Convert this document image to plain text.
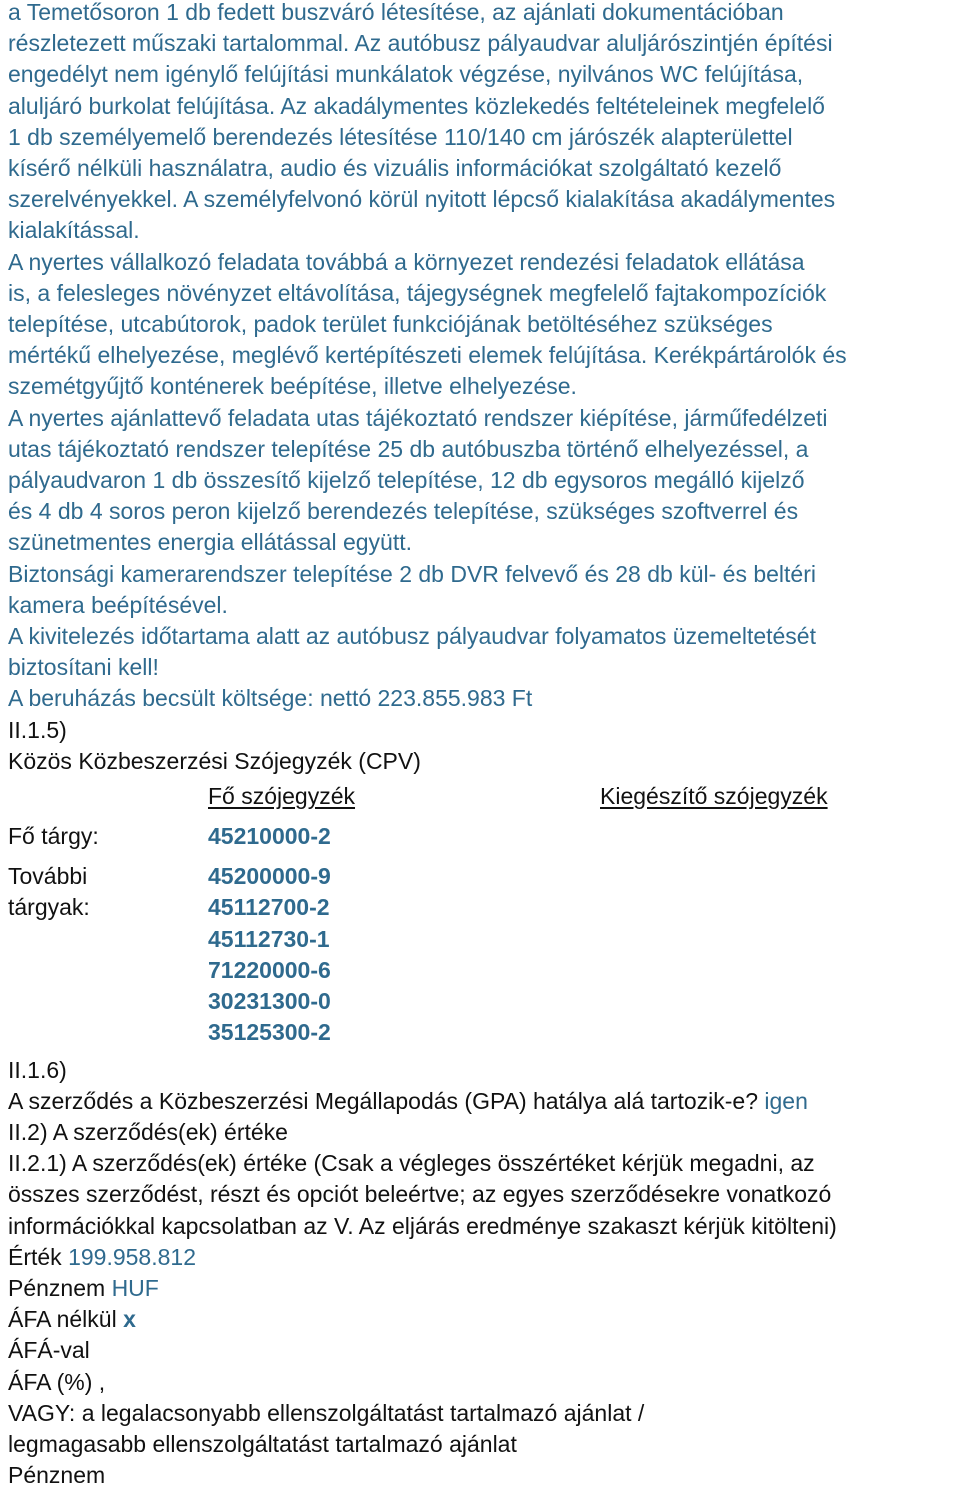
a Temetősoron 1 db fedett buszváró létesítése, az ajánlati dokumentációban
részletezett műszaki tartalommal. Az autóbusz pályaudvar aluljárószintjén építési
engedélyt nem igénylő felújítási munkálatok végzése, nyilvános WC felújítása,
aluljáró burkolat felújítása. Az akadálymentes közlekedés feltételeinek megfelelő
1 db személyemelő berendezés létesítése 110/140 cm járószék alapterülettel
kísérő nélküli használatra, audio és vizuális információkat szolgáltató kezelő
szerelvényekkel. A személyfelvonó körül nyitott lépcső kialakítása akadálymentes
kialakítással.

A nyertes vállalkozó feladata továbbá a környezet rendezési feladatok ellátása
is, a felesleges növényzet eltávolítása, tájegységnek megfelelő fajtakompozíciók
telepítése, utcabútorok, padok terület funkciójának betöltéséhez szükséges
mértékű elhelyezése, meglévő kertépítészeti elemek felújítása. Kerékpártárolók és
szemétgyűjtő konténerek beépítése, illetve elhelyezése.

A nyertes ajánlattevő feladata utas tájékoztató rendszer kiépítése, járműfedélzeti
utas tájékoztató rendszer telepítése 25 db autóbuszba történő elhelyezéssel, a
pályaudvaron 1 db összesítő kijelző telepítése, 12 db egysoros megálló kijelző
és 4 db 4 soros peron kijelző berendezés telepítése, szükséges szoftverrel és
szünetmentes energia ellátással együtt.

Biztonsági kamerarendszer telepítése 2 db DVR felvevő és 28 db kül- és beltéri
kamera beépítésével.

A kivitelezés időtartama alatt az autóbusz pályaudvar folyamatos üzemeltetését
biztosítani kell!

A beruházás becsült költsége: nettó 223.855.983 Ft

II.1.5)

Közös Közbeszerzési Szójegyzék (CPV)

Fő szójegyzék	Kiegészítő szójegyzék
Fő tárgy:	45210000-2
További
tárgyak:
45200000-9
45112700-2
45112730-1
71220000-6
30231300-0
35125300-2

II.1.6)

A szerződés a Közbeszerzési Megállapodás (GPA) hatálya alá tartozik-e? igen

II.2) A szerződés(ek) értéke

II.2.1) A szerződés(ek) értéke (Csak a végleges összértéket kérjük megadni, az
összes szerződést, részt és opciót beleértve; az egyes szerződésekre vonatkozó
információkkal kapcsolatban az V. Az eljárás eredménye szakaszt kérjük kitölteni)

Érték 199.958.812

Pénznem HUF

ÁFA nélkül x

ÁFÁ-val

ÁFA (%) ,

VAGY: a legalacsonyabb ellenszolgáltatást tartalmazó ajánlat /
legmagasabb ellenszolgáltatást tartalmazó ajánlat

Pénznem
